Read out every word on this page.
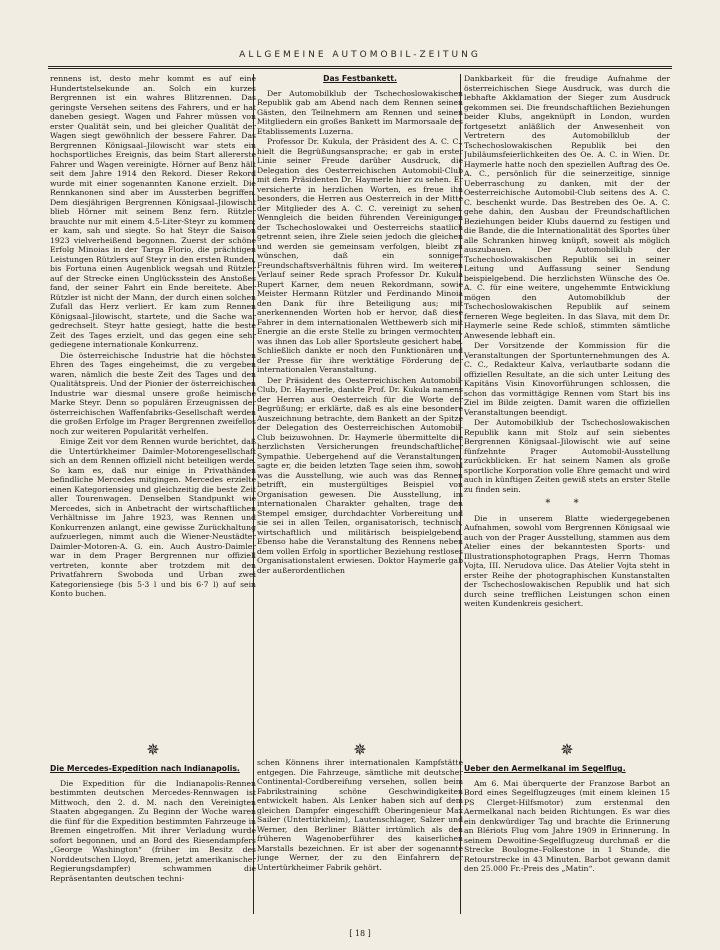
ALLGEMEINE AUTOMOBIL-ZEITUNG

rennens ist, desto mehr kommt es auf eine Hundertstelsekunde an. Solch ein kurzes Bergrennen ist ein wahres Blitzrennen. Das geringste Versehen seitens des Fahrers, und er hat daneben gesiegt. Wagen und Fahrer müssen von erster Qualität sein, und bei gleicher Qualität der Wagen siegt gewöhnlich der bessere Fahrer. Das Bergrennen Königsaal–Jilowischt war stets ein hochsportliches Ereignis, das beim Start allererste Fahrer und Wagen vereinigte. Hörner auf Benz hält seit dem Jahre 1914 den Rekord. Dieser Rekord wurde mit einer sogenannten Kanone erzielt. Die Rennkanonen sind aber im Aussterben begriffen. Dem diesjährigen Bergrennen Königsaal–Jilowischt blieb Hörner mit seinem Benz fern. Rützler brauchte nur mit einem 4.5-Liter-Steyr zu kommen; er kam, sah und siegte. So hat Steyr die Saison 1923 vielverheißend begonnen. Zuerst der schöne Erfolg Minoias in der Targa Florio, die prächtigen Leistungen Rützlers auf Steyr in den ersten Runden, bis Fortuna einen Augenblick wegsah und Rützler auf der Strecke einen Unglücksstein des Anstoßes fand, der seiner Fahrt ein Ende bereitete. Aber Rützler ist nicht der Mann, der durch einen solchen Zufall das Herz verliert. Er kam zum Rennen Königsaal–Jilowischt, startete, und die Sache war gedrechselt. Steyr hatte gesiegt, hatte die beste Zeit des Tages erzielt, und das gegen eine sehr gediegene internationale Konkurrenz.

Die österreichische Industrie hat die höchsten Ehren des Tages eingeheimst, die zu vergeben waren, nämlich die beste Zeit des Tages und den Qualitätspreis. Und der Pionier der österreichischen Industrie war diesmal unsere große heimische Marke Steyr. Denn so populären Erzeugnissen der österreichischen Waffenfabriks-Gesellschaft werden die großen Erfolge im Prager Bergrennen zweifellos noch zur weiteren Popularität verhelfen.

Einige Zeit vor dem Rennen wurde berichtet, daß die Untertürkheimer Daimler-Motorengesellschaft sich an dem Rennen offiziell nicht beteiligen werde. So kam es, daß nur einige in Privathänden befindliche Mercedes mitgingen. Mercedes erzielte einen Kategoriensieg und gleichzeitig die beste Zeit aller Tourenwagen. Denselben Standpunkt wie Mercedes, sich in Anbetracht der wirtschaftlichen Verhältnisse im Jahre 1923, was Rennen und Konkurrenzen anlangt, eine gewisse Zurückhaltung aufzuerlegen, nimmt auch die Wiener-Neustädter Daimler-Motoren-A. G. ein. Auch Austro-Daimler war in dem Prager Bergrennen nur offiziell vertreten, konnte aber trotzdem mit den Privatfahrern Swoboda und Urban zwei Kategoriensiege (bis 5·3 l und bis 6·7 l) auf sein Konto buchen.

Das Festbankett.

Der Automobilklub der Tschechoslowakischen Republik gab am Abend nach dem Rennen seinen Gästen, den Teilnehmern am Rennen und seinen Mitgliedern ein großes Bankett im Marmorsaale des Etablissements Luzerna.

Professor Dr. Kukula, der Präsident des A. C. C., hielt die Begrüßungsansprache; er gab in erster Linie seiner Freude darüber Ausdruck, die Delegation des Oesterreichischen Automobil-Club mit dem Präsidenten Dr. Haymerle hier zu sehen. Er versicherte in herzlichen Worten, es freue ihn besonders, die Herren aus Oesterreich in der Mitte der Mitglieder des A. C. C. vereinigt zu sehen. Wenngleich die beiden führenden Vereinigungen der Tschechoslowakei und Oesterreichs staatlich getrennt seien, ihre Ziele seien jedoch die gleichen und werden sie gemeinsam verfolgen, bleibt zu wünschen, daß ein sonniges Freundschaftsverhältnis führen wird. Im weiteren Verlauf seiner Rede sprach Professor Dr. Kukula Rupert Karner, dem neuen Rekordmann, sowie Meister Hermann Rützler und Ferdinando Minoia den Dank für ihre Beteiligung aus; mit anerkennenden Worten hob er hervor, daß diese Fahrer in dem internationalen Wettbewerb sich mit Energie an die erste Stelle zu bringen vermochten, was ihnen das Lob aller Sportsleute gesichert habe. Schließlich dankte er noch den Funktionären und der Presse für ihre werktätige Förderung der internationalen Veranstaltung.

Der Präsident des Oesterreichischen Automobil-Club, Dr. Haymerle, dankte Prof. Dr. Kukula namens der Herren aus Oesterreich für die Worte der Begrüßung; er erklärte, daß es als eine besondere Auszeichnung betrachte, dem Bankett an der Spitze der Delegation des Oesterreichischen Automobil-Club beizuwohnen. Dr. Haymerle übermittelte die herzlichsten Versicherungen freundschaftlicher Sympathie. Uebergehend auf die Veranstaltungen, sagte er, die beiden letzten Tage seien ihm, sowohl was die Ausstellung, wie auch was das Rennen betrifft, ein mustergültiges Beispiel von Organisation gewesen. Die Ausstellung, im internationalen Charakter gehalten, trage den Stempel emsiger, durchdachter Vorbereitung und sie sei in allen Teilen, organisatorisch, technisch, wirtschaftlich und militärisch beispielgebend. Ebenso habe die Veranstaltung des Rennens neben dem vollen Erfolg in sportlicher Beziehung restloses Organisationstalent erwiesen. Doktor Haymerle gab der außerordentlichen

Dankbarkeit für die freudige Aufnahme der österreichischen Siege Ausdruck, was durch die lebhafte Akklamation der Sieger zum Ausdruck gekommen sei. Die freundschaftlichen Beziehungen beider Klubs, angeknüpft in London, wurden fortgesetzt anläßlich der Anwesenheit von Vertretern des Automobilklub der Tschechoslowakischen Republik bei den Jubiläumsfeierlichkeiten des Oe. A. C. in Wien. Dr. Haymerle hatte noch den speziellen Auftrag des Oe. A. C., persönlich für die seinerzeitige, sinnige Ueberraschung zu danken, mit der der Oesterreichische Automobil-Club seitens des A. C. C. beschenkt wurde. Das Bestreben des Oe. A. C. gehe dahin, den Ausbau der Freundschaftlichen Beziehungen beider Klubs dauernd zu festigen und die Bande, die die Internationalität des Sportes über alle Schranken hinweg knüpft, soweit als möglich auszubauen. Der Automobilklub der Tschechoslowakischen Republik sei in seiner Leitung und Auffassung seiner Sendung beispielgebend. Die herzlichsten Wünsche des Oe. A. C. für eine weitere, ungehemmte Entwicklung mögen den Automobilklub der Tschechoslowakischen Republik auf seinem ferneren Wege begleiten. In das Slava, mit dem Dr. Haymerle seine Rede schloß, stimmten sämtliche Anwesende lebhaft ein.

Der Vorsitzende der Kommission für die Veranstaltungen der Sportunternehmungen des A. C. C., Redakteur Kalva, verlautbarte sodann die offiziellen Resultate, an die sich unter Leitung des Kapitäns Visin Kinovorführungen schlossen, die schon das vormittägige Rennen vom Start bis ins Ziel im Bilde zeigten. Damit waren die offiziellen Veranstaltungen beendigt.

Der Automobilklub der Tschechoslowakischen Republik kann mit Stolz auf sein siebentes Bergrennen Königsaal–Jilowischt wie auf seine fünfzehnte Prager Automobil-Ausstellung zurückblicken. Er hat seinem Namen als große sportliche Korporation volle Ehre gemacht und wird auch in künftigen Zeiten gewiß stets an erster Stelle zu finden sein.

* *

Die in unserem Blatte wiedergegebenen Aufnahmen, sowohl vom Bergrennen Königsaal wie auch von der Prager Ausstellung, stammen aus dem Atelier eines der bekanntesten Sports- und Illustrationsphotographen Prags, Herrn Thomas Vojta, III. Nerudova ulice. Das Atelier Vojta steht in erster Reihe der photographischen Kunstanstalten der Tschechoslowakischen Republik und hat sich durch seine trefflichen Leistungen schon einen weiten Kundenkreis gesichert.

✵	✵	✵
Die Mercedes-Expedition nach Indianapolis.

Die Expedition für die Indianapolis-Rennen bestimmten deutschen Mercedes-Rennwagen ist Mittwoch, den 2. d. M. nach den Vereinigten Staaten abgegangen. Zu Beginn der Woche waren die fünf für die Expedition bestimmten Fahrzeuge in Bremen eingetroffen. Mit ihrer Verladung wurde sofort begonnen, und an Bord des Riesendampfers „George Washington“ (früher im Besitz des Norddeutschen Lloyd, Bremen, jetzt amerikanischer Regierungsdampfer) schwammen die Repräsentanten deutschen techni-

schen Könnens ihrer internationalen Kampfstätte entgegen. Die Fahrzeuge, sämtliche mit deutscher Continental-Cordbereifung versehen, sollen beim Fabrikstraining schöne Geschwindigkeiten entwickelt haben. Als Lenker haben sich auf dem gleichen Dampfer eingeschifft Oberingenieur Max Sailer (Untertürkheim), Lautenschlager, Salzer und Werner, den Berliner Blätter irrtümlich als den früheren Wagenoberführer des kaiserlichen Marstalls bezeichnen. Er ist aber der sogenannte junge Werner, der zu den Einfahrern der Untertürkheimer Fabrik gehört.

Ueber den Aermelkanal im Segelflug.

Am 6. Mai überquerte der Franzose Barbot an Bord eines Segelflugzeuges (mit einem kleinen 15 PS Clerget-Hilfsmotor) zum erstenmal den Aermelkanal nach beiden Richtungen. Es war dies ein denkwürdiger Tag und brachte die Erinnerung an Blériots Flug vom Jahre 1909 in Erinnerung. In seinem Dewoitine-Segelflugzeug durchmaß er die Strecke Boulogne–Folkestone in 1 Stunde, die Retourstrecke in 43 Minuten. Barbot gewann damit den 25.000 Fr.-Preis des „Matin“.

[ 18 ]
